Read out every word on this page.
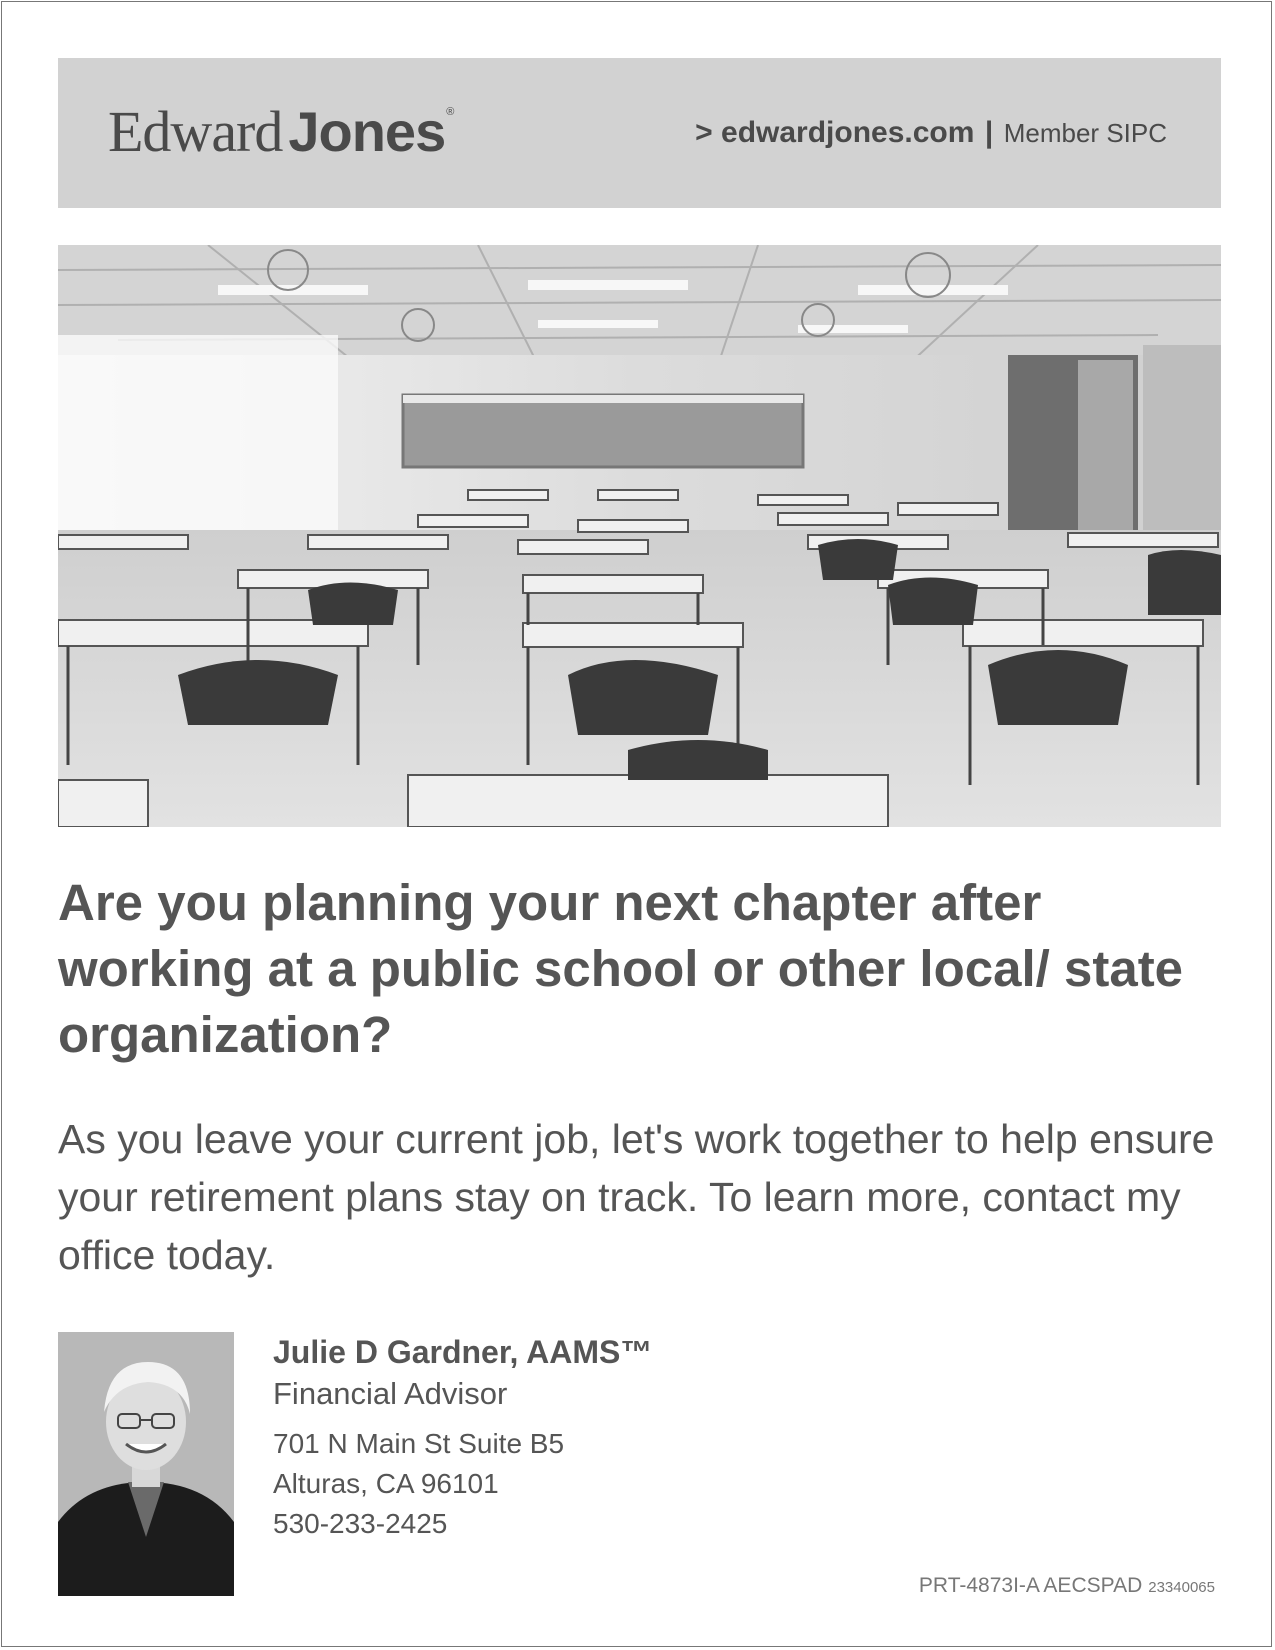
Edward Jones®
> edwardjones.com | Member SIPC
Are you planning your next chapter after working at a public school or other local/ state organization?

As you leave your current job, let's work together to help ensure your retirement plans stay on track. To learn more, contact my office today.

Julie D Gardner, AAMS™
Financial Advisor
701 N Main St Suite B5
Alturas, CA 96101
530-233-2425
PRT-4873I-A AECSPAD 23340065
